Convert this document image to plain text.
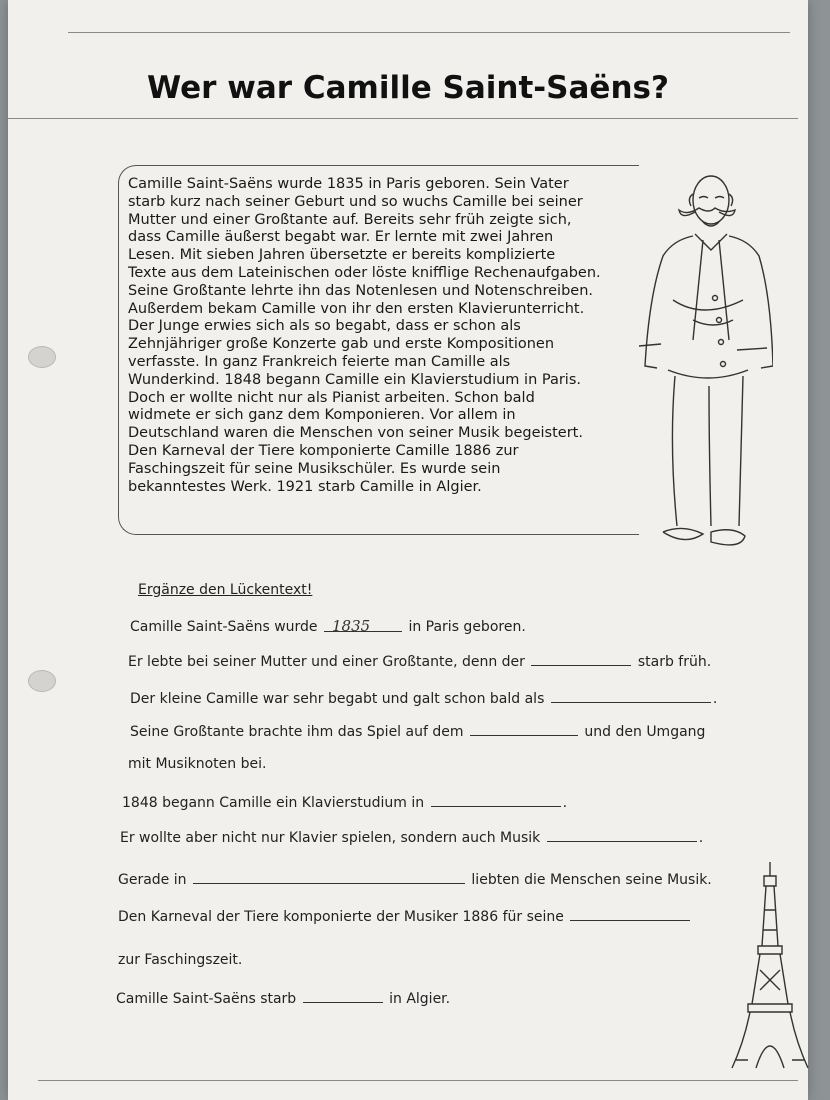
Wer war Camille Saint-Saëns?
Camille Saint-Saëns wurde 1835 in Paris geboren. Sein Vater
starb kurz nach seiner Geburt und so wuchs Camille bei seiner
Mutter und einer Großtante auf. Bereits sehr früh zeigte sich,
dass Camille äußerst begabt war. Er lernte mit zwei Jahren
Lesen. Mit sieben Jahren übersetzte er bereits komplizierte
Texte aus dem Lateinischen oder löste knifflige Rechenaufgaben.
Seine Großtante lehrte ihn das Notenlesen und Notenschreiben.
Außerdem bekam Camille von ihr den ersten Klavierunterricht.
Der Junge erwies sich als so begabt, dass er schon als
Zehnjähriger große Konzerte gab und erste Kompositionen
verfasste. In ganz Frankreich feierte man Camille als
Wunderkind. 1848 begann Camille ein Klavierstudium in Paris.
Doch er wollte nicht nur als Pianist arbeiten. Schon bald
widmete er sich ganz dem Komponieren. Vor allem in
Deutschland waren die Menschen von seiner Musik begeistert.
Den Karneval der Tiere komponierte Camille 1886 zur
Faschingszeit für seine Musikschüler. Es wurde sein
bekanntestes Werk. 1921 starb Camille in Algier.
Ergänze den Lückentext!
Camille Saint-Saëns wurde 1835	in Paris geboren.
Er lebte bei seiner Mutter und einer Großtante, denn der	starb früh.
Der kleine Camille war sehr begabt und galt schon bald als	.
Seine Großtante brachte ihm das Spiel auf dem	und den Umgang
mit Musiknoten bei.
1848 begann Camille ein Klavierstudium in	.
Er wollte aber nicht nur Klavier spielen, sondern auch Musik	.
Gerade in	liebten die Menschen seine Musik.
Den Karneval der Tiere komponierte der Musiker 1886 für seine
zur Faschingszeit.
Camille Saint-Saëns starb	in Algier.
